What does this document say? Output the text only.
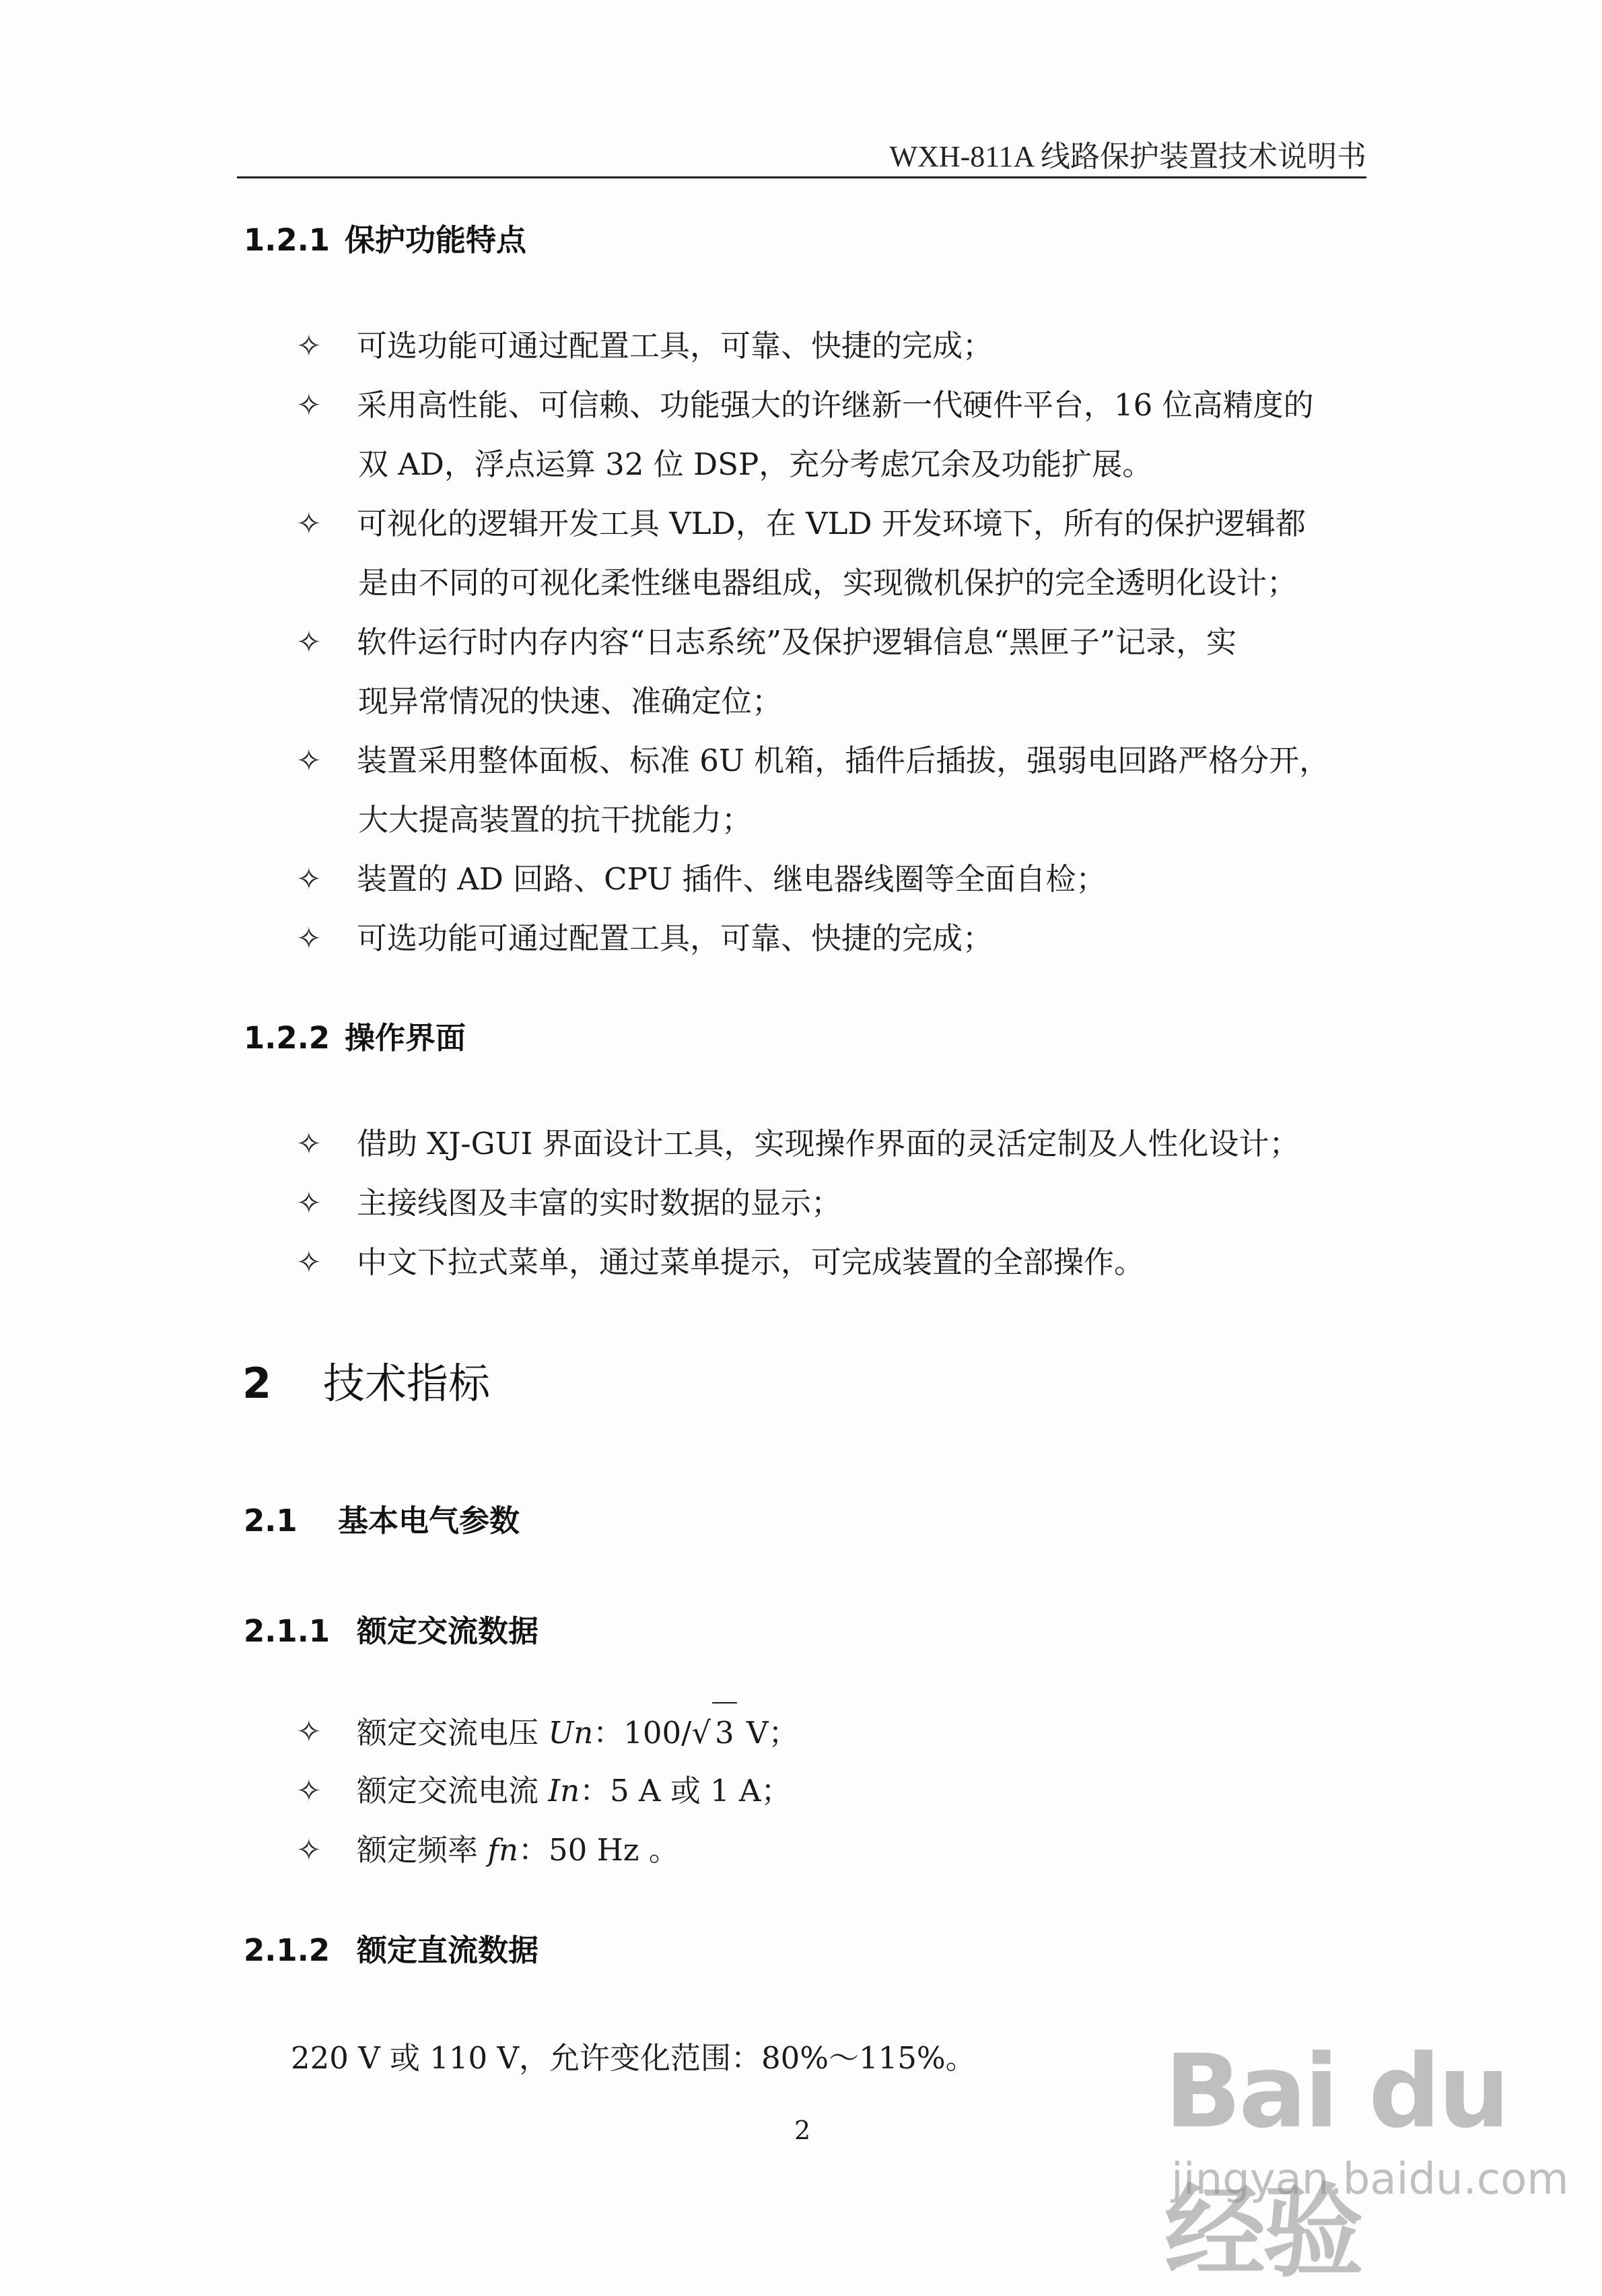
WXH-811A 线路保护装置技术说明书
1.2.1 保护功能特点
✧	可选功能可通过配置工具，可靠、快捷的完成；
✧	采用高性能、可信赖、功能强大的许继新一代硬件平台，16 位高精度的
双 AD，浮点运算 32 位 DSP，充分考虑冗余及功能扩展。
✧	可视化的逻辑开发工具 VLD，在 VLD 开发环境下，所有的保护逻辑都
是由不同的可视化柔性继电器组成，实现微机保护的完全透明化设计；
✧	软件运行时内存内容“日志系统”及保护逻辑信息“黑匣子”记录，实
现异常情况的快速、准确定位；
✧	装置采用整体面板、标准 6U 机箱，插件后插拔，强弱电回路严格分开，
大大提高装置的抗干扰能力；
✧	装置的 AD 回路、CPU 插件、继电器线圈等全面自检；
✧	可选功能可通过配置工具，可靠、快捷的完成；
1.2.2 操作界面
✧	借助 XJ-GUI 界面设计工具，实现操作界面的灵活定制及人性化设计；
✧	主接线图及丰富的实时数据的显示；
✧	中文下拉式菜单，通过菜单提示，可完成装置的全部操作。
2 技术指标
2.1 基本电气参数
2.1.1 额定交流数据
✧	额定交流电压 Un：100/√ 3 V；
✧	额定交流电流 In：5 A 或 1 A；
✧	额定频率 fn：50 Hz 。
2.1.2 额定直流数据
220 V 或 110 V，允许变化范围：80%～115%。
2	Bai du 经验
jingyan.baidu.com
